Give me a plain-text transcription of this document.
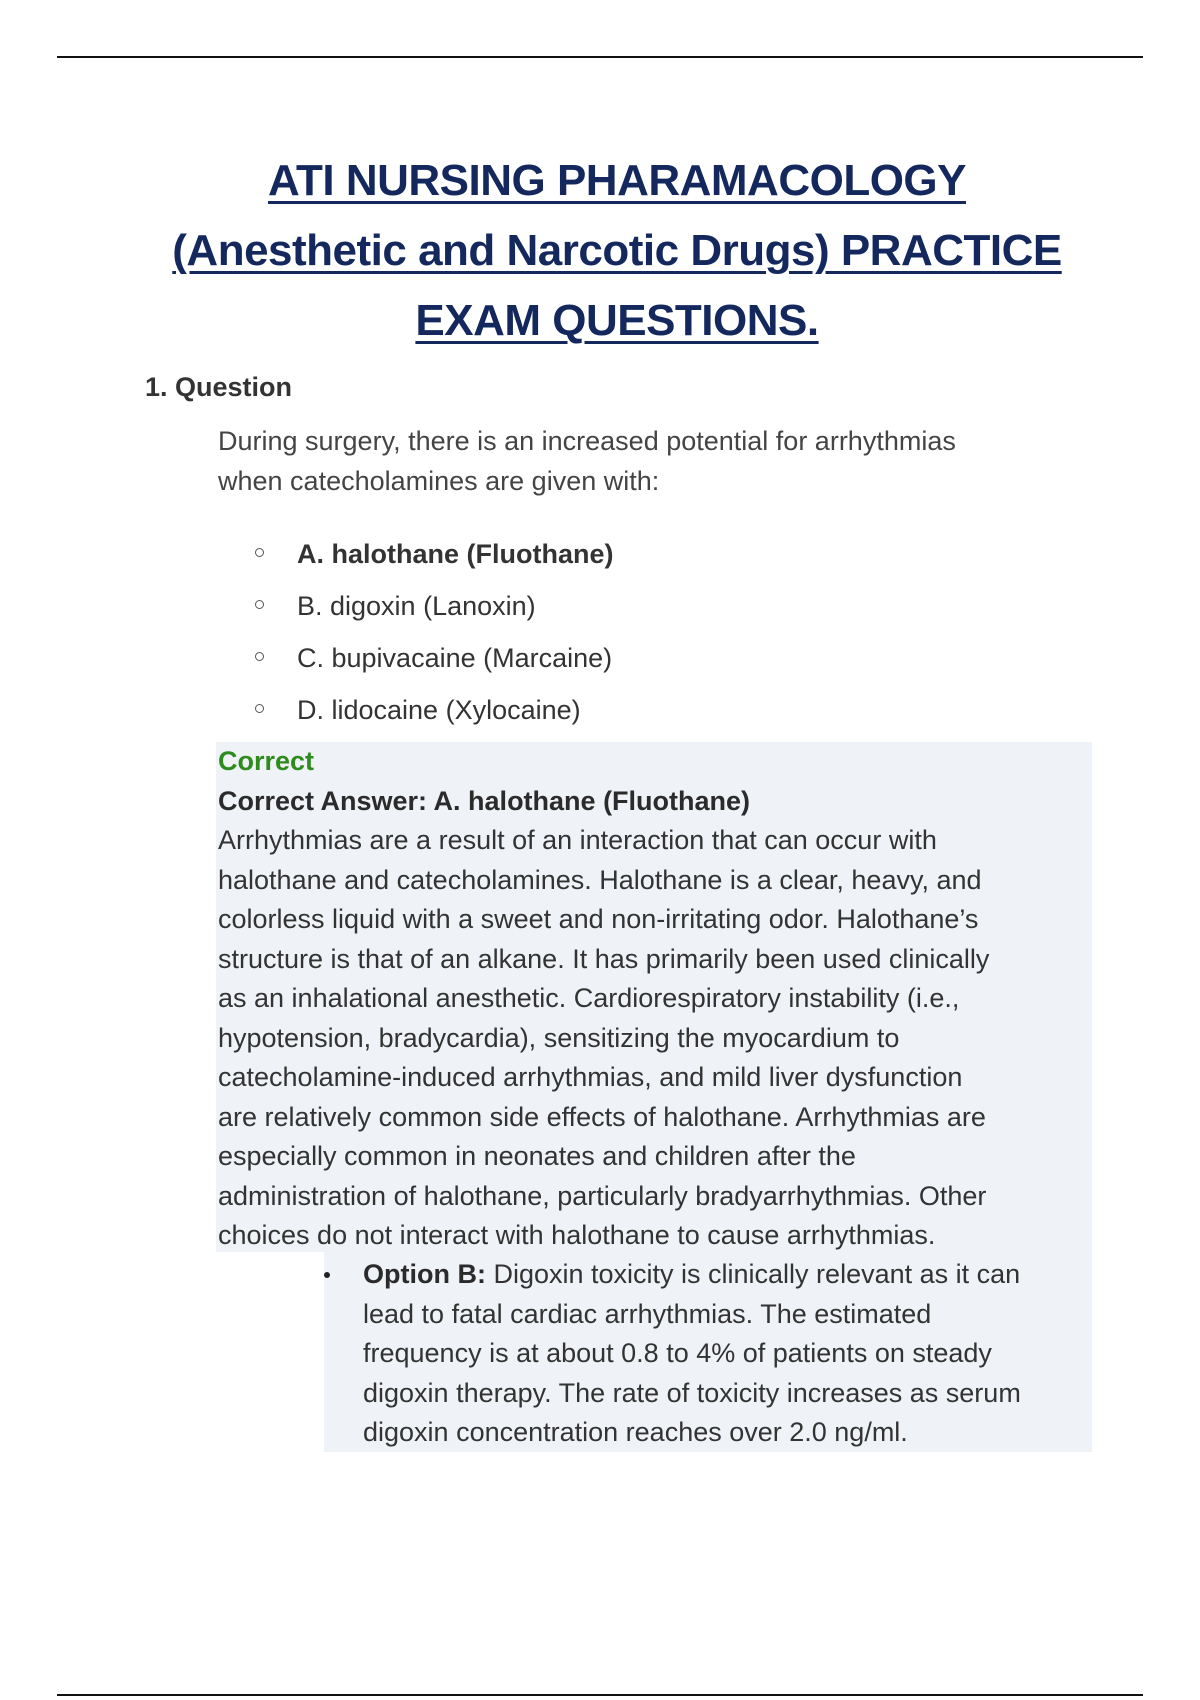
ATI NURSING PHARAMACOLOGY
(Anesthetic and Narcotic Drugs) PRACTICE
EXAM QUESTIONS.
1. Question
During surgery, there is an increased potential for arrhythmias
when catecholamines are given with:
A. halothane (Fluothane)
B. digoxin (Lanoxin)
C. bupivacaine (Marcaine)
D. lidocaine (Xylocaine)
Correct
Correct Answer: A. halothane (Fluothane)
Arrhythmias are a result of an interaction that can occur with
halothane and catecholamines. Halothane is a clear, heavy, and
colorless liquid with a sweet and non-irritating odor. Halothane’s
structure is that of an alkane. It has primarily been used clinically
as an inhalational anesthetic. Cardiorespiratory instability (i.e.,
hypotension, bradycardia), sensitizing the myocardium to
catecholamine-induced arrhythmias, and mild liver dysfunction
are relatively common side effects of halothane. Arrhythmias are
especially common in neonates and children after the
administration of halothane, particularly bradyarrhythmias. Other
choices do not interact with halothane to cause arrhythmias.
Option B: Digoxin toxicity is clinically relevant as it can
lead to fatal cardiac arrhythmias. The estimated
frequency is at about 0.8 to 4% of patients on steady
digoxin therapy. The rate of toxicity increases as serum
digoxin concentration reaches over 2.0 ng/ml.
